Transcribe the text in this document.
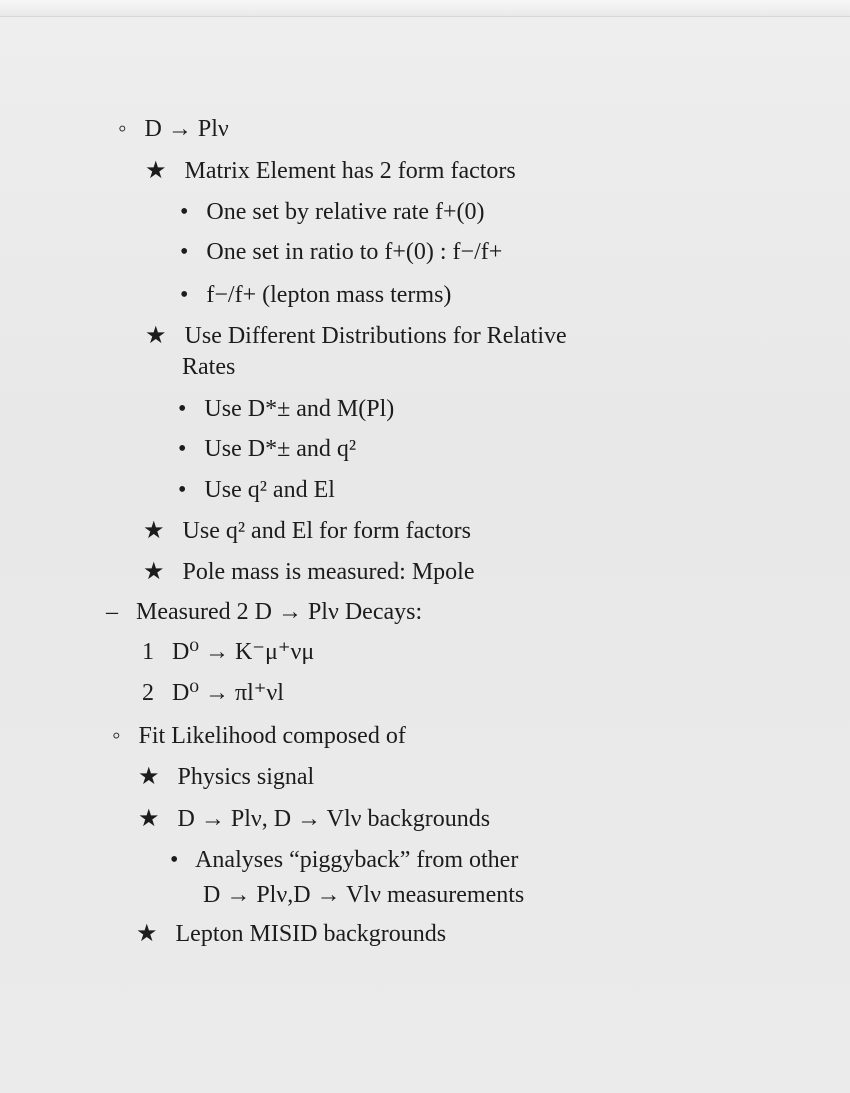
◦ D → Plν
★ Matrix Element has 2 form factors
• One set by relative rate f+(0)
• One set in ratio to f+(0) : f−/f+
• f−/f+ (lepton mass terms)
★ Use Different Distributions for Relative
Rates
• Use D*± and M(Pl)
• Use D*± and q²
• Use q² and El
★ Use q² and El for form factors
★ Pole mass is measured: Mpole
– Measured 2 D → Plν Decays:
1 D⁰ → K⁻μ⁺νμ
2 D⁰ → πl⁺νl
◦ Fit Likelihood composed of
★ Physics signal
★ D → Plν, D → Vlν backgrounds
• Analyses “piggyback” from other
D → Plν,D → Vlν measurements
★ Lepton MISID backgrounds
